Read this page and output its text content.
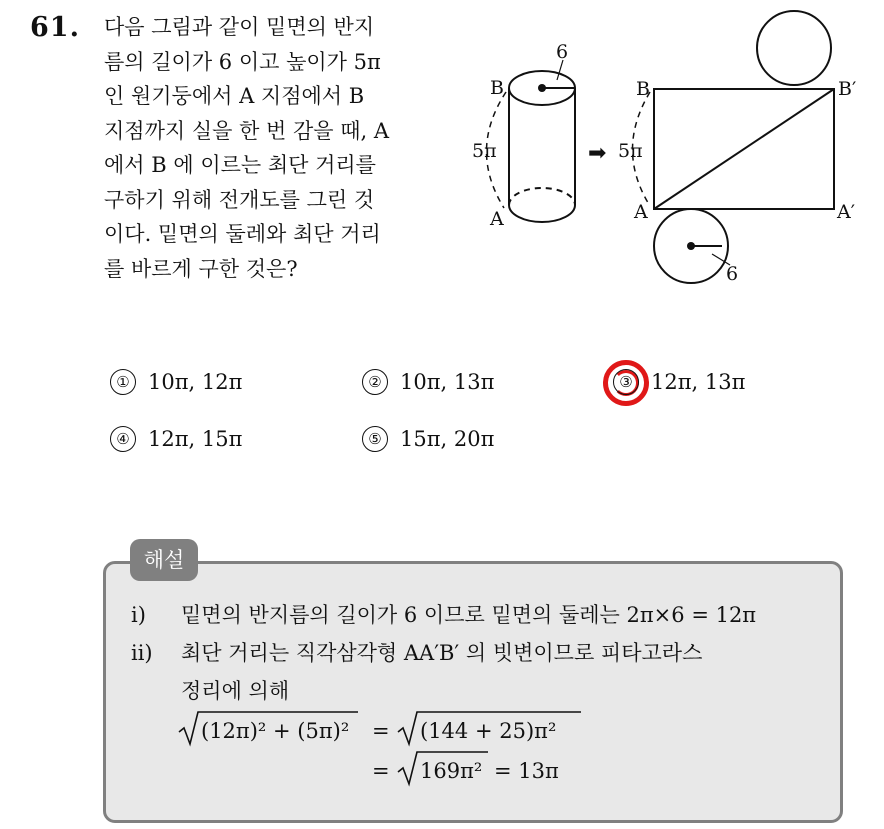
61. 다음 그림과 같이 밑면의 반지
름의 길이가 6 이고 높이가 5π
인 원기둥에서 A 지점에서 B
지점까지 실을 한 번 감을 때, A
에서 B 에 이르는 최단 거리를
구하기 위해 전개도를 그린 것
이다. 밑면의 둘레와 최단 거리
를 바르게 구한 것은?
6
B
5π
A
➡
B	B′
5π
A	A′
6
① 10π, 12π	② 10π, 13π	③ 12π, 13π
④ 12π, 15π	⑤ 15π, 20π
해설
ⅰ) 밑면의 반지름의 길이가 6 이므로 밑면의 둘레는 2π×6 = 12π
ⅱ) 최단 거리는 직각삼각형 AA′B′ 의 빗변이므로 피타고라스
정리에 의해
(12π)² + (5π)² = (144 + 25)π²
= 169π² = 13π
